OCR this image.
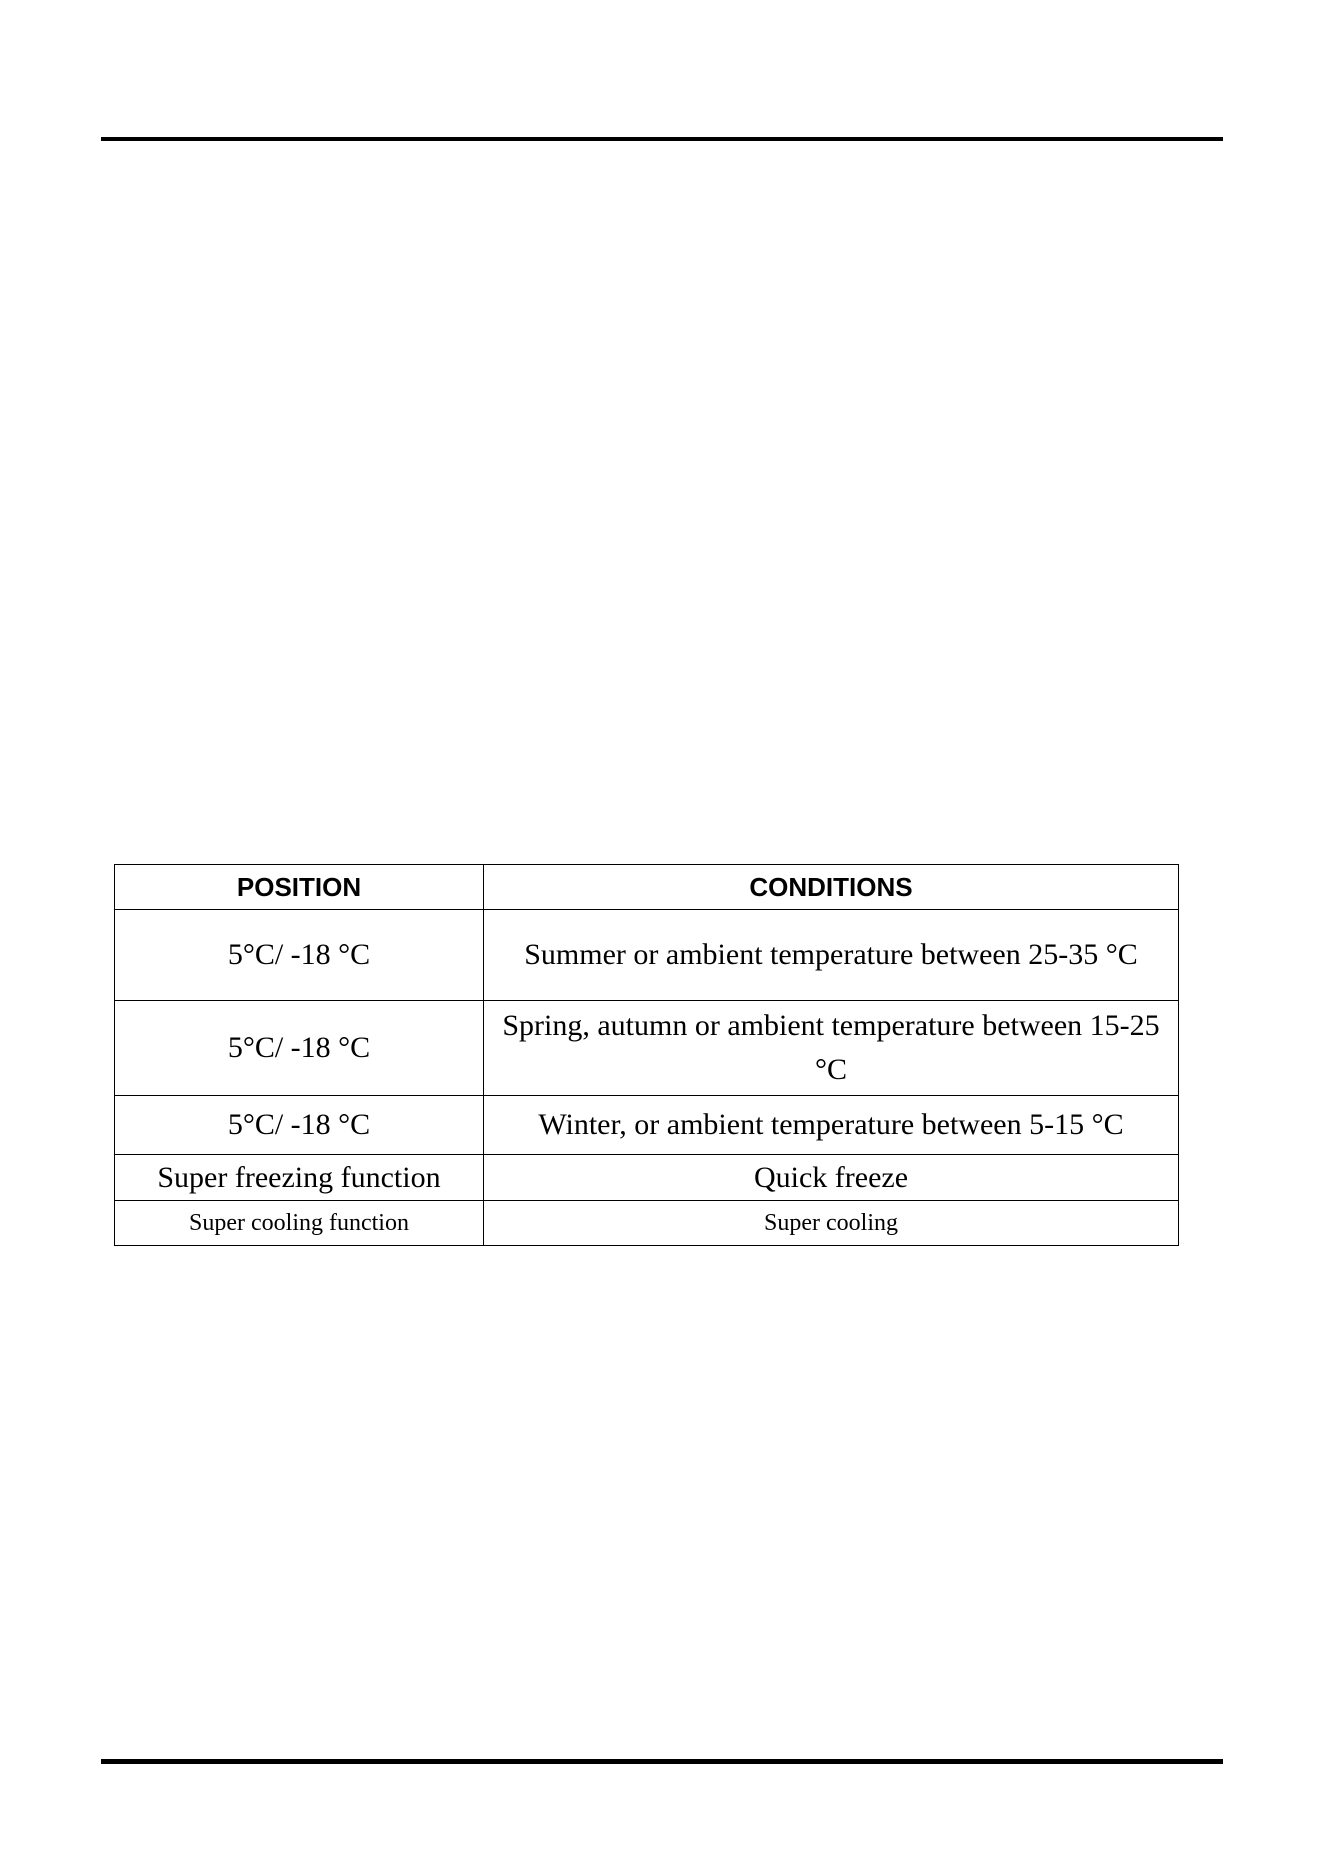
POSITION	CONDITIONS
5°C/ -18 °C	Summer or ambient temperature between 25-35 °C
5°C/ -18 °C	Spring, autumn or ambient temperature between 15-25 °C
5°C/ -18 °C	Winter, or ambient temperature between 5-15 °C
Super freezing function	Quick freeze
Super cooling function	Super cooling
